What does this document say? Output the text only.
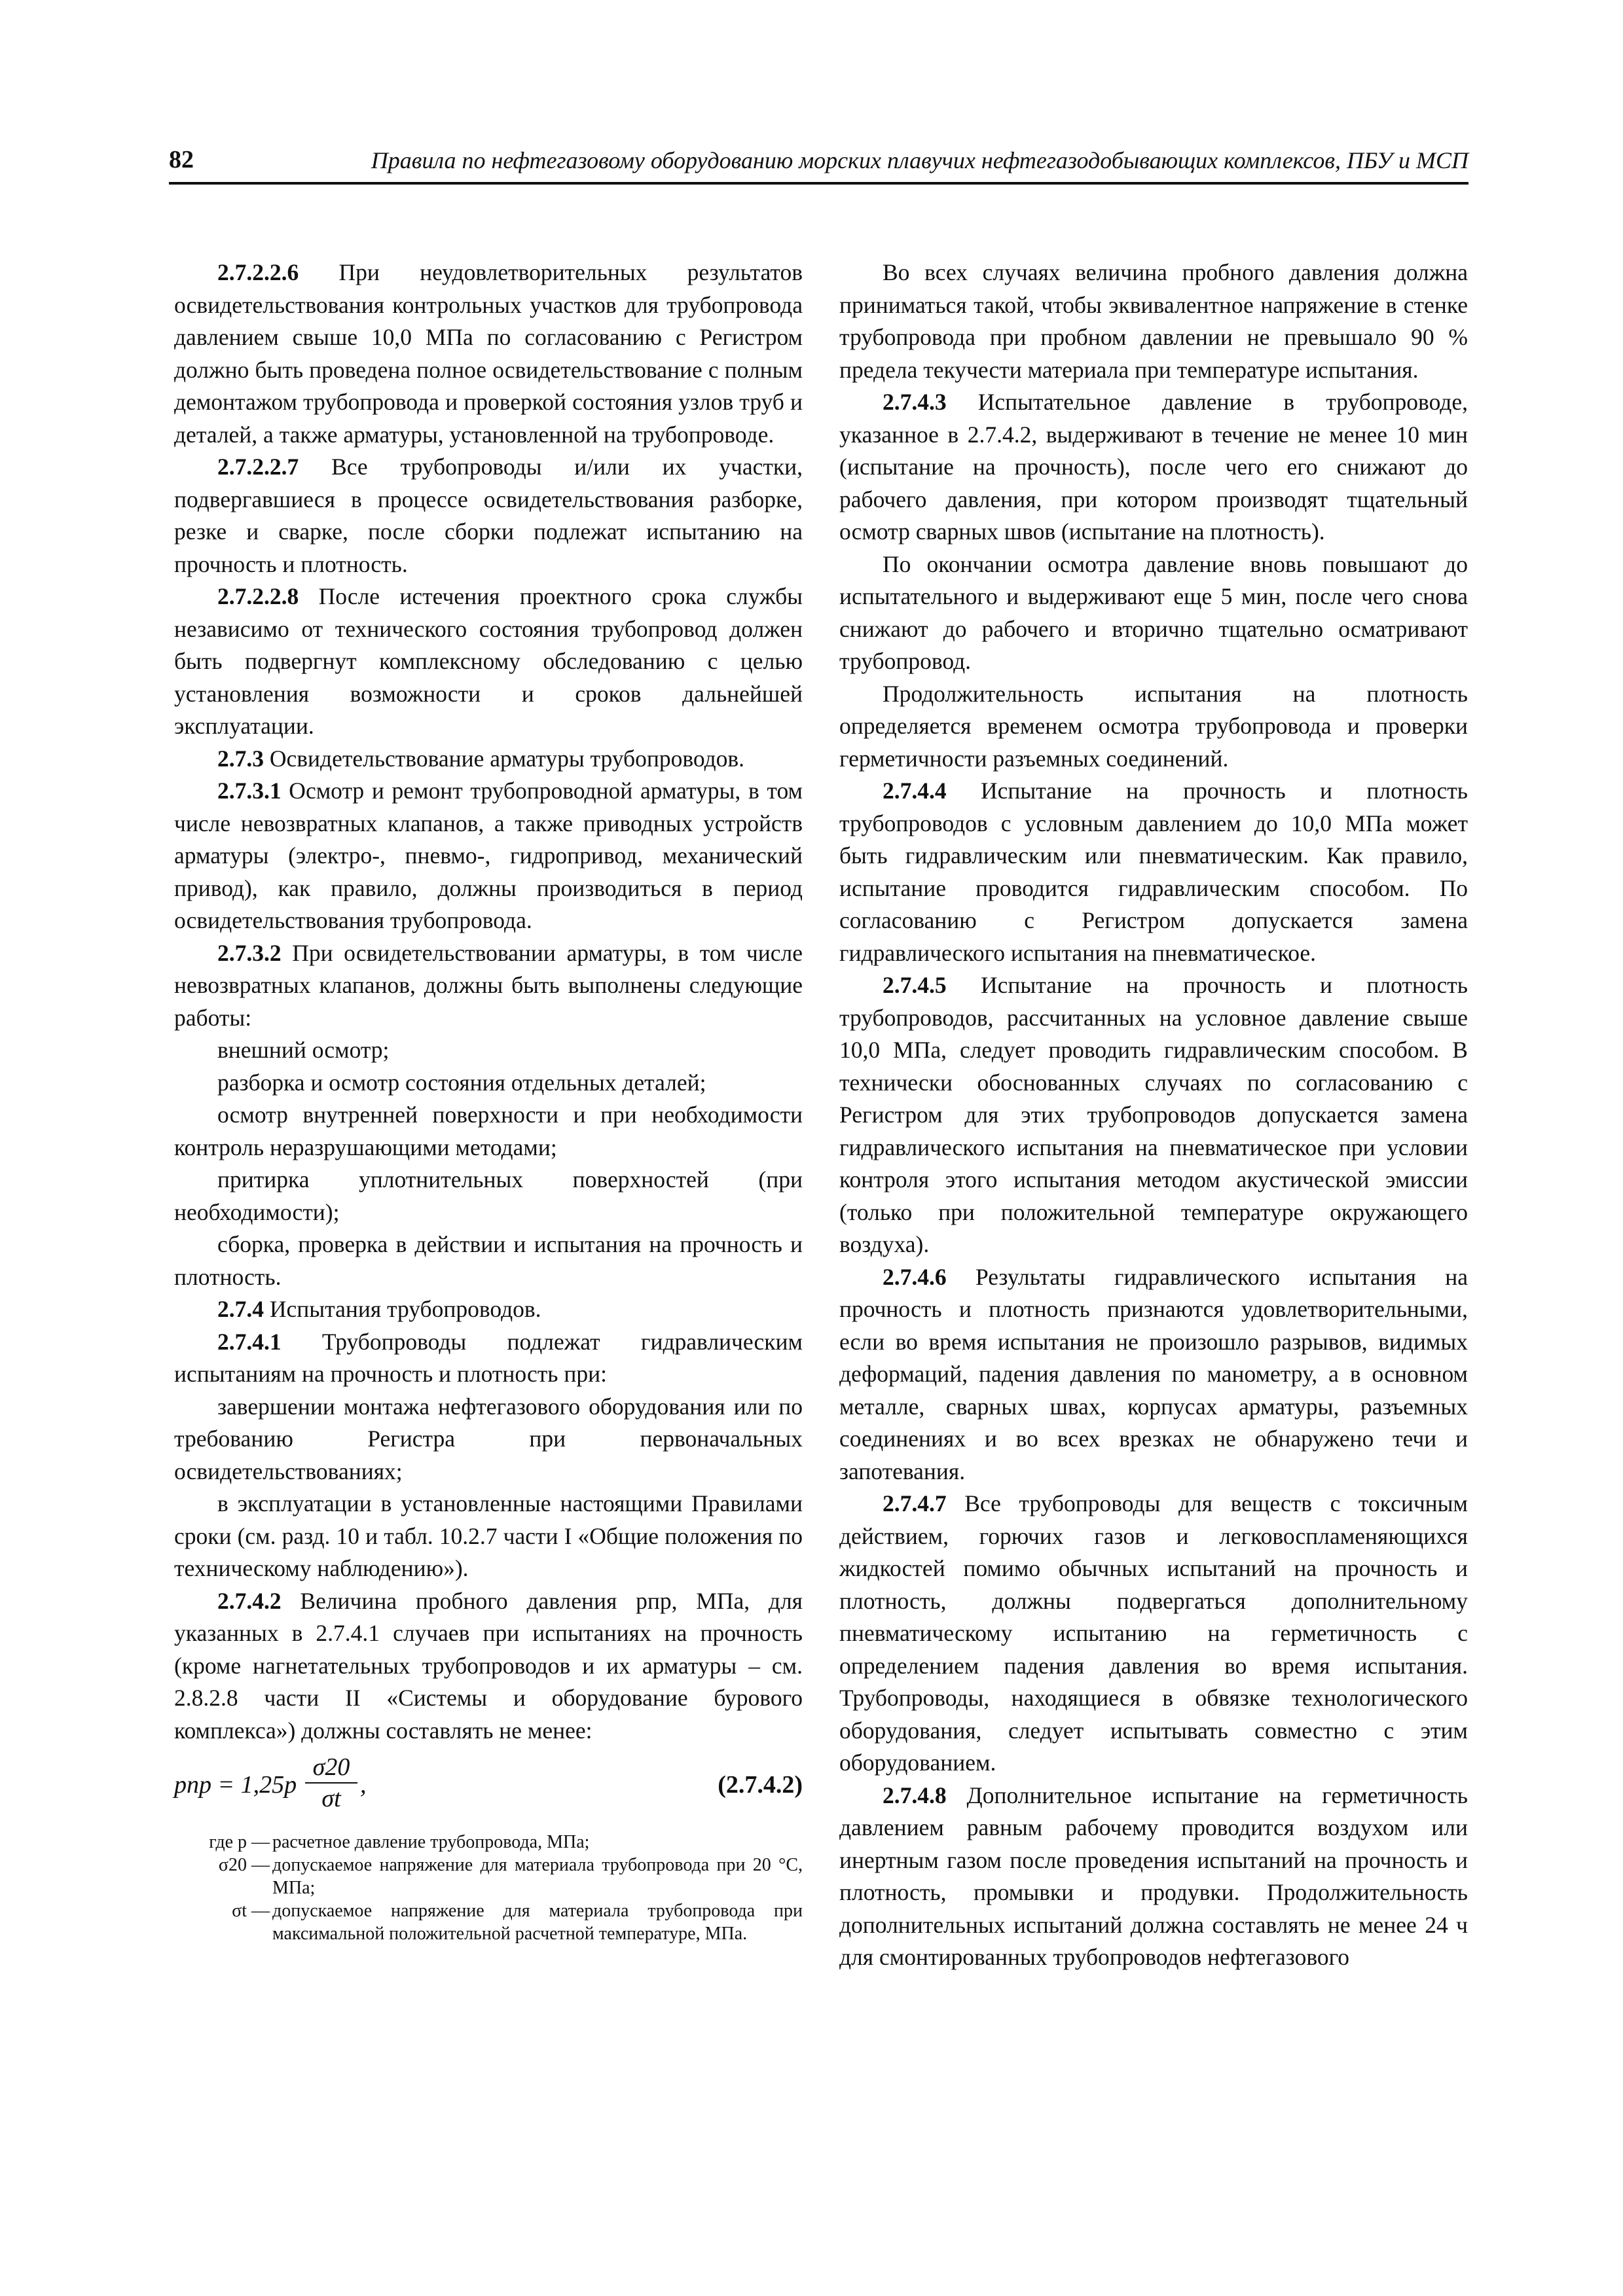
82	Правила по нефтегазовому оборудованию морских плавучих нефтегазодобывающих комплексов, ПБУ и МСП

2.7.2.2.6 При неудовлетворительных результатов освидетельствования контрольных участков для трубопровода давлением свыше 10,0 МПа по согласованию с Регистром должно быть проведена полное освидетельствование с полным демонтажом трубопровода и проверкой состояния узлов труб и деталей, а также арматуры, установленной на трубопроводе.

2.7.2.2.7 Все трубопроводы и/или их участки, подвергавшиеся в процессе освидетельствования разборке, резке и сварке, после сборки подлежат испытанию на прочность и плотность.

2.7.2.2.8 После истечения проектного срока службы независимо от технического состояния трубопровод должен быть подвергнут комплексному обследованию с целью установления возможности и сроков дальнейшей эксплуатации.

2.7.3 Освидетельствование арматуры трубопроводов.

2.7.3.1 Осмотр и ремонт трубопроводной арматуры, в том числе невозвратных клапанов, а также приводных устройств арматуры (электро-, пневмо-, гидропривод, механический привод), как правило, должны производиться в период освидетельствования трубопровода.

2.7.3.2 При освидетельствовании арматуры, в том числе невозвратных клапанов, должны быть выполнены следующие работы:

внешний осмотр;

разборка и осмотр состояния отдельных деталей;

осмотр внутренней поверхности и при необходимости контроль неразрушающими методами;

притирка уплотнительных поверхностей (при необходимости);

сборка, проверка в действии и испытания на прочность и плотность.

2.7.4 Испытания трубопроводов.

2.7.4.1 Трубопроводы подлежат гидравлическим испытаниям на прочность и плотность при:

завершении монтажа нефтегазового оборудования или по требованию Регистра при первоначальных освидетельствованиях;

в эксплуатации в установленные настоящими Правилами сроки (см. разд. 10 и табл. 10.2.7 части I «Общие положения по техническому наблюдению»).

2.7.4.2 Величина пробного давления pпр, МПа, для указанных в 2.7.4.1 случаев при испытаниях на прочность (кроме нагнетательных трубопроводов и их арматуры – см. 2.8.2.8 части II «Системы и оборудование бурового комплекса») должны составлять не менее:

pпр = $1,25p \frac{\sigma 20}{\sigma t}$ ,	(2.7.4.2)
где p — расчетное давление трубопровода, МПа;
σ20 — допускаемое напряжение для материала трубопровода при 20 °С, МПа;
σt — допускаемое напряжение для материала трубопровода при максимальной положительной расчетной температуре, МПа.

Во всех случаях величина пробного давления должна приниматься такой, чтобы эквивалентное напряжение в стенке трубопровода при пробном давлении не превышало 90 % предела текучести материала при температуре испытания.

2.7.4.3 Испытательное давление в трубопроводе, указанное в 2.7.4.2, выдерживают в течение не менее 10 мин (испытание на прочность), после чего его снижают до рабочего давления, при котором производят тщательный осмотр сварных швов (испытание на плотность).

По окончании осмотра давление вновь повышают до испытательного и выдерживают еще 5 мин, после чего снова снижают до рабочего и вторично тщательно осматривают трубопровод.

Продолжительность испытания на плотность определяется временем осмотра трубопровода и проверки герметичности разъемных соединений.

2.7.4.4 Испытание на прочность и плотность трубопроводов с условным давлением до 10,0 МПа может быть гидравлическим или пневматическим. Как правило, испытание проводится гидравлическим способом. По согласованию с Регистром допускается замена гидравлического испытания на пневматическое.

2.7.4.5 Испытание на прочность и плотность трубопроводов, рассчитанных на условное давление свыше 10,0 МПа, следует проводить гидравлическим способом. В технически обоснованных случаях по согласованию с Регистром для этих трубопроводов допускается замена гидравлического испытания на пневматическое при условии контроля этого испытания методом акустической эмиссии (только при положительной температуре окружающего воздуха).

2.7.4.6 Результаты гидравлического испытания на прочность и плотность признаются удовлетворительными, если во время испытания не произошло разрывов, видимых деформаций, падения давления по манометру, а в основном металле, сварных швах, корпусах арматуры, разъемных соединениях и во всех врезках не обнаружено течи и запотевания.

2.7.4.7 Все трубопроводы для веществ с токсичным действием, горючих газов и легковоспламеняющихся жидкостей помимо обычных испытаний на прочность и плотность, должны подвергаться дополнительному пневматическому испытанию на герметичность с определением падения давления во время испытания. Трубопроводы, находящиеся в обвязке технологического оборудования, следует испытывать совместно с этим оборудованием.

2.7.4.8 Дополнительное испытание на герметичность давлением равным рабочему проводится воздухом или инертным газом после проведения испытаний на прочность и плотность, промывки и продувки. Продолжительность дополнительных испытаний должна составлять не менее 24 ч для смонтированных трубопроводов нефтегазового
